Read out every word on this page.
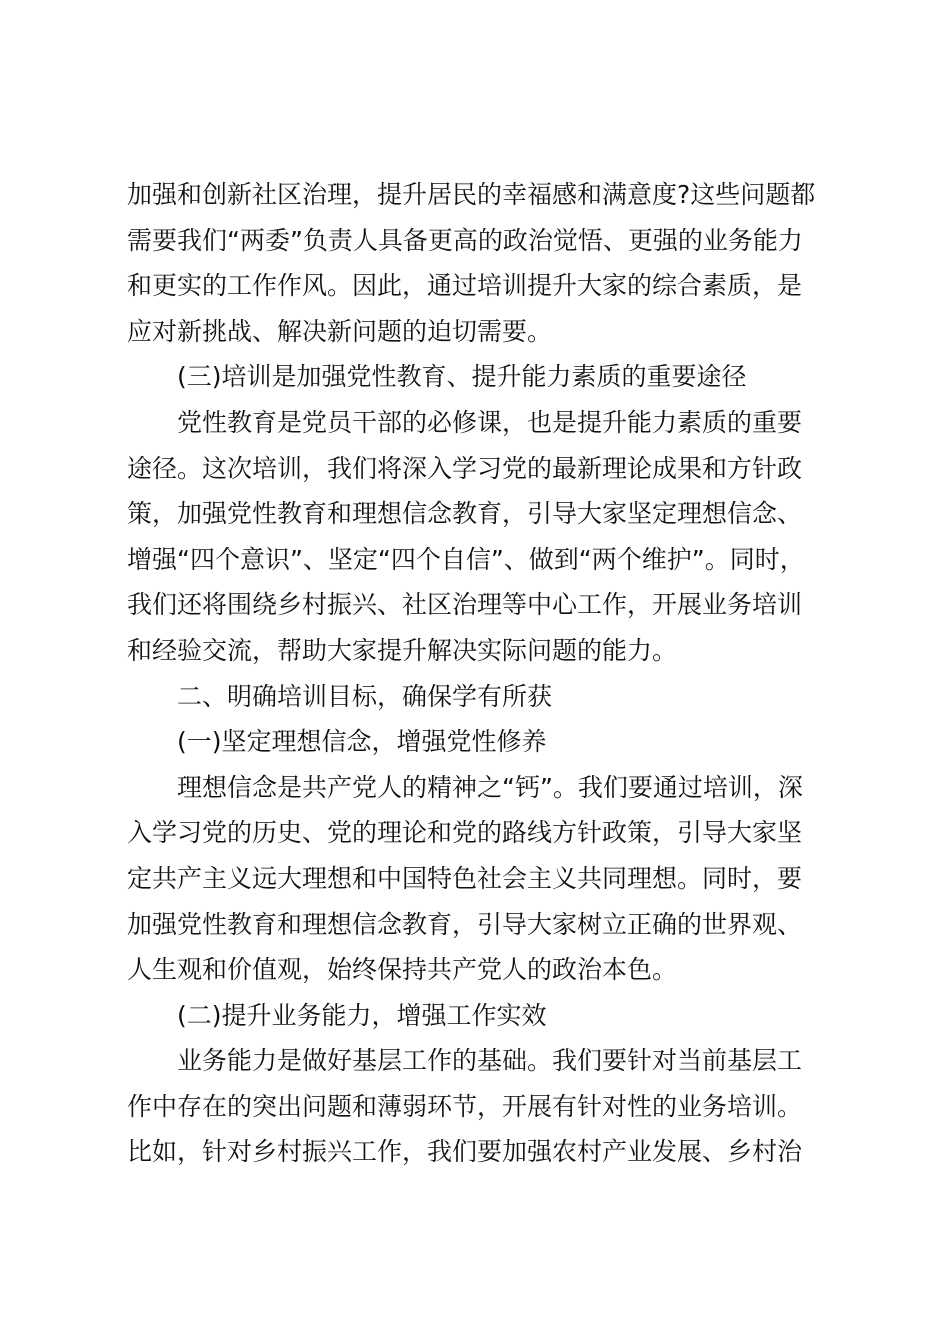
加强和创新社区治理，提升居民的幸福感和满意度?这些问题都
需要我们“两委”负责人具备更高的政治觉悟、更强的业务能力
和更实的工作作风。因此，通过培训提升大家的综合素质，是
应对新挑战、解决新问题的迫切需要。
(三)培训是加强党性教育、提升能力素质的重要途径
党性教育是党员干部的必修课，也是提升能力素质的重要
途径。这次培训，我们将深入学习党的最新理论成果和方针政
策，加强党性教育和理想信念教育，引导大家坚定理想信念、
增强“四个意识”、坚定“四个自信”、做到“两个维护”。同时，
我们还将围绕乡村振兴、社区治理等中心工作，开展业务培训
和经验交流，帮助大家提升解决实际问题的能力。
二、明确培训目标，确保学有所获
(一)坚定理想信念，增强党性修养
理想信念是共产党人的精神之“钙”。我们要通过培训，深
入学习党的历史、党的理论和党的路线方针政策，引导大家坚
定共产主义远大理想和中国特色社会主义共同理想。同时，要
加强党性教育和理想信念教育，引导大家树立正确的世界观、
人生观和价值观，始终保持共产党人的政治本色。
(二)提升业务能力，增强工作实效
业务能力是做好基层工作的基础。我们要针对当前基层工
作中存在的突出问题和薄弱环节，开展有针对性的业务培训。
比如，针对乡村振兴工作，我们要加强农村产业发展、乡村治
